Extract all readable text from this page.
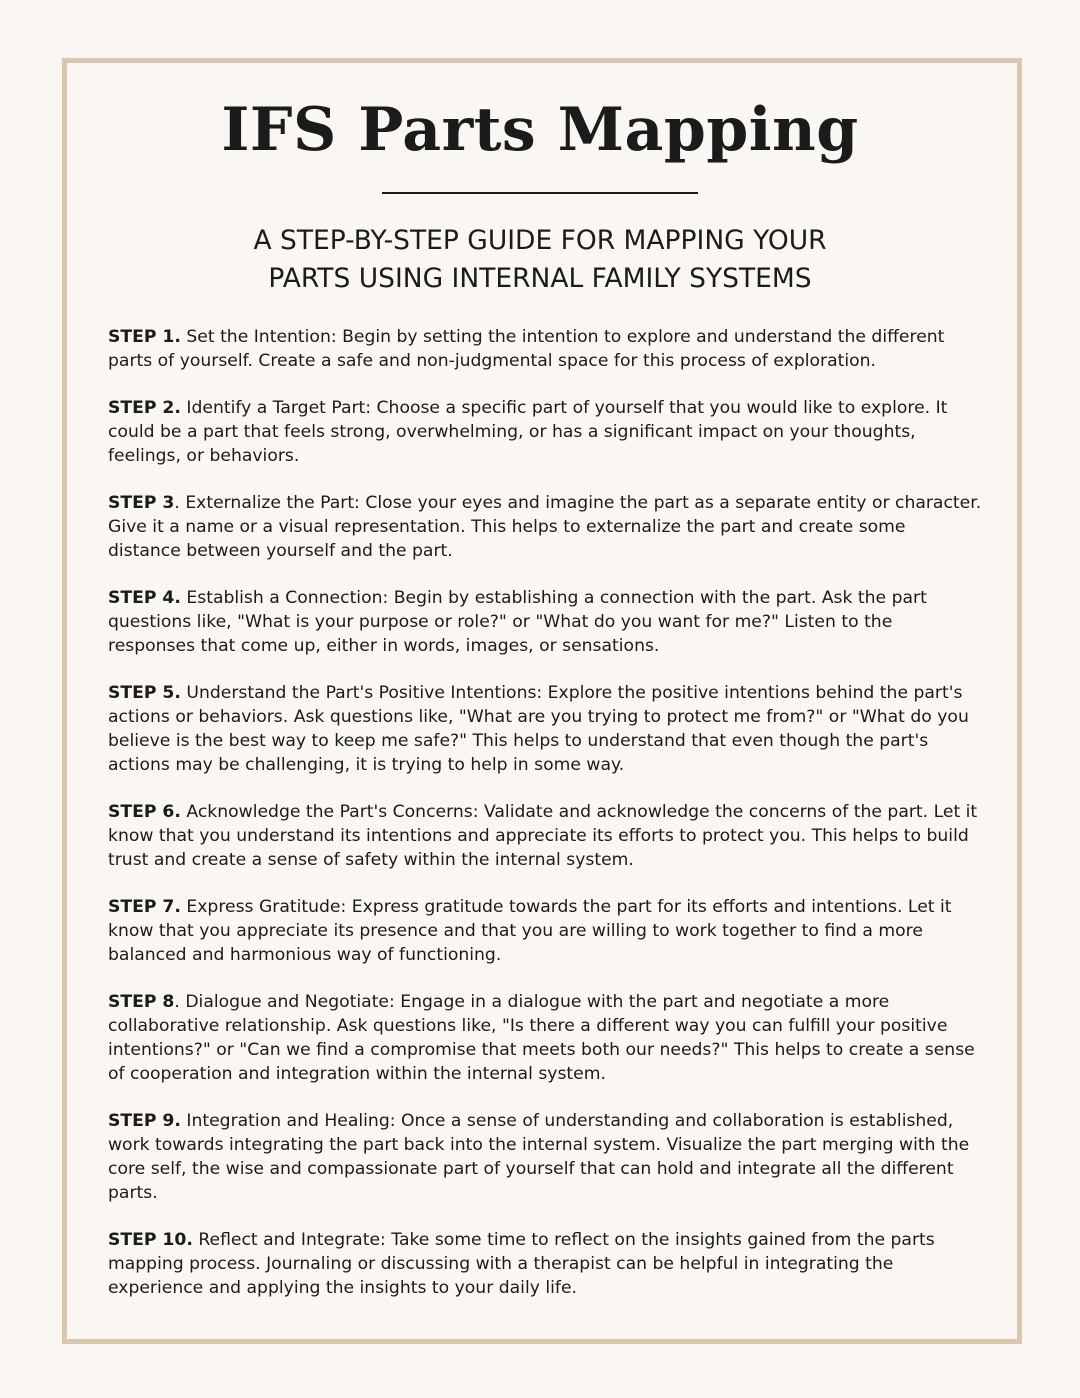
IFS Parts Mapping

A STEP-BY-STEP GUIDE FOR MAPPING YOUR
PARTS USING INTERNAL FAMILY SYSTEMS

STEP 1. Set the Intention: Begin by setting the intention to explore and understand the different parts of yourself. Create a safe and non-judgmental space for this process of exploration.

STEP 2. Identify a Target Part: Choose a specific part of yourself that you would like to explore. It could be a part that feels strong, overwhelming, or has a significant impact on your thoughts, feelings, or behaviors.

STEP 3. Externalize the Part: Close your eyes and imagine the part as a separate entity or character. Give it a name or a visual representation. This helps to externalize the part and create some distance between yourself and the part.

STEP 4. Establish a Connection: Begin by establishing a connection with the part. Ask the part questions like, "What is your purpose or role?" or "What do you want for me?" Listen to the responses that come up, either in words, images, or sensations.

STEP 5. Understand the Part's Positive Intentions: Explore the positive intentions behind the part's actions or behaviors. Ask questions like, "What are you trying to protect me from?" or "What do you believe is the best way to keep me safe?" This helps to understand that even though the part's actions may be challenging, it is trying to help in some way.

STEP 6. Acknowledge the Part's Concerns: Validate and acknowledge the concerns of the part. Let it know that you understand its intentions and appreciate its efforts to protect you. This helps to build trust and create a sense of safety within the internal system.

STEP 7. Express Gratitude: Express gratitude towards the part for its efforts and intentions. Let it know that you appreciate its presence and that you are willing to work together to find a more balanced and harmonious way of functioning.

STEP 8. Dialogue and Negotiate: Engage in a dialogue with the part and negotiate a more collaborative relationship. Ask questions like, "Is there a different way you can fulfill your positive intentions?" or "Can we find a compromise that meets both our needs?" This helps to create a sense of cooperation and integration within the internal system.

STEP 9. Integration and Healing: Once a sense of understanding and collaboration is established, work towards integrating the part back into the internal system. Visualize the part merging with the core self, the wise and compassionate part of yourself that can hold and integrate all the different parts.

STEP 10. Reflect and Integrate: Take some time to reflect on the insights gained from the parts mapping process. Journaling or discussing with a therapist can be helpful in integrating the experience and applying the insights to your daily life.
